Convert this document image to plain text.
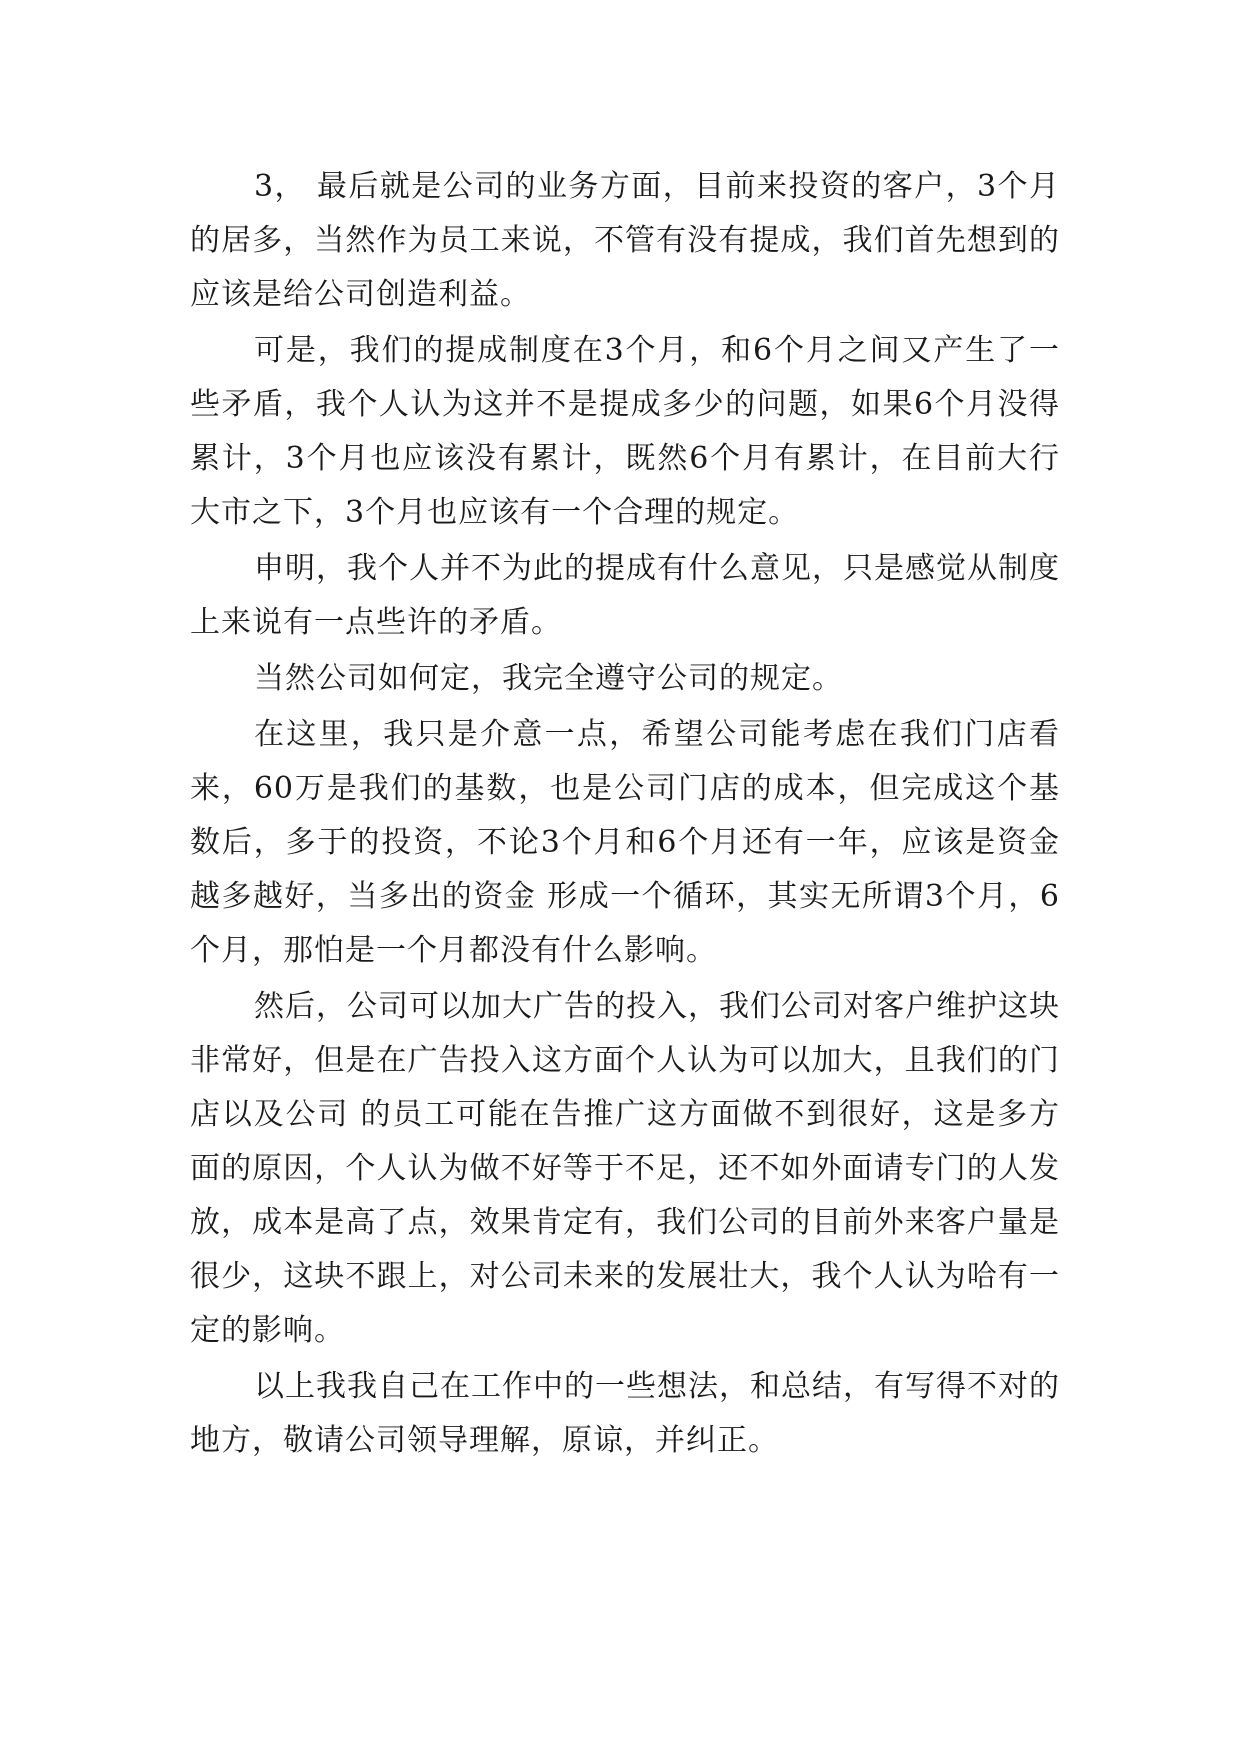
3， 最后就是公司的业务方面，目前来投资的客户，3个月的居多，当然作为员工来说，不管有没有提成，我们首先想到的应该是给公司创造利益。

可是，我们的提成制度在3个月，和6个月之间又产生了一些矛盾，我个人认为这并不是提成多少的问题，如果6个月没得累计，3个月也应该没有累计，既然6个月有累计，在目前大行大市之下，3个月也应该有一个合理的规定。

申明，我个人并不为此的提成有什么意见，只是感觉从制度上来说有一点些许的矛盾。

当然公司如何定，我完全遵守公司的规定。

在这里，我只是介意一点，希望公司能考虑在我们门店看来，60万是我们的基数，也是公司门店的成本，但完成这个基数后，多于的投资，不论3个月和6个月还有一年，应该是资金越多越好，当多出的资金 形成一个循环，其实无所谓3个月，6个月，那怕是一个月都没有什么影响。

然后，公司可以加大广告的投入，我们公司对客户维护这块非常好，但是在广告投入这方面个人认为可以加大，且我们的门店以及公司 的员工可能在告推广这方面做不到很好，这是多方面的原因，个人认为做不好等于不足，还不如外面请专门的人发放，成本是高了点，效果肯定有，我们公司的目前外来客户量是很少，这块不跟上，对公司未来的发展壮大，我个人认为哈有一定的影响。

以上我我自己在工作中的一些想法，和总结，有写得不对的地方，敬请公司领导理解，原谅，并纠正。
